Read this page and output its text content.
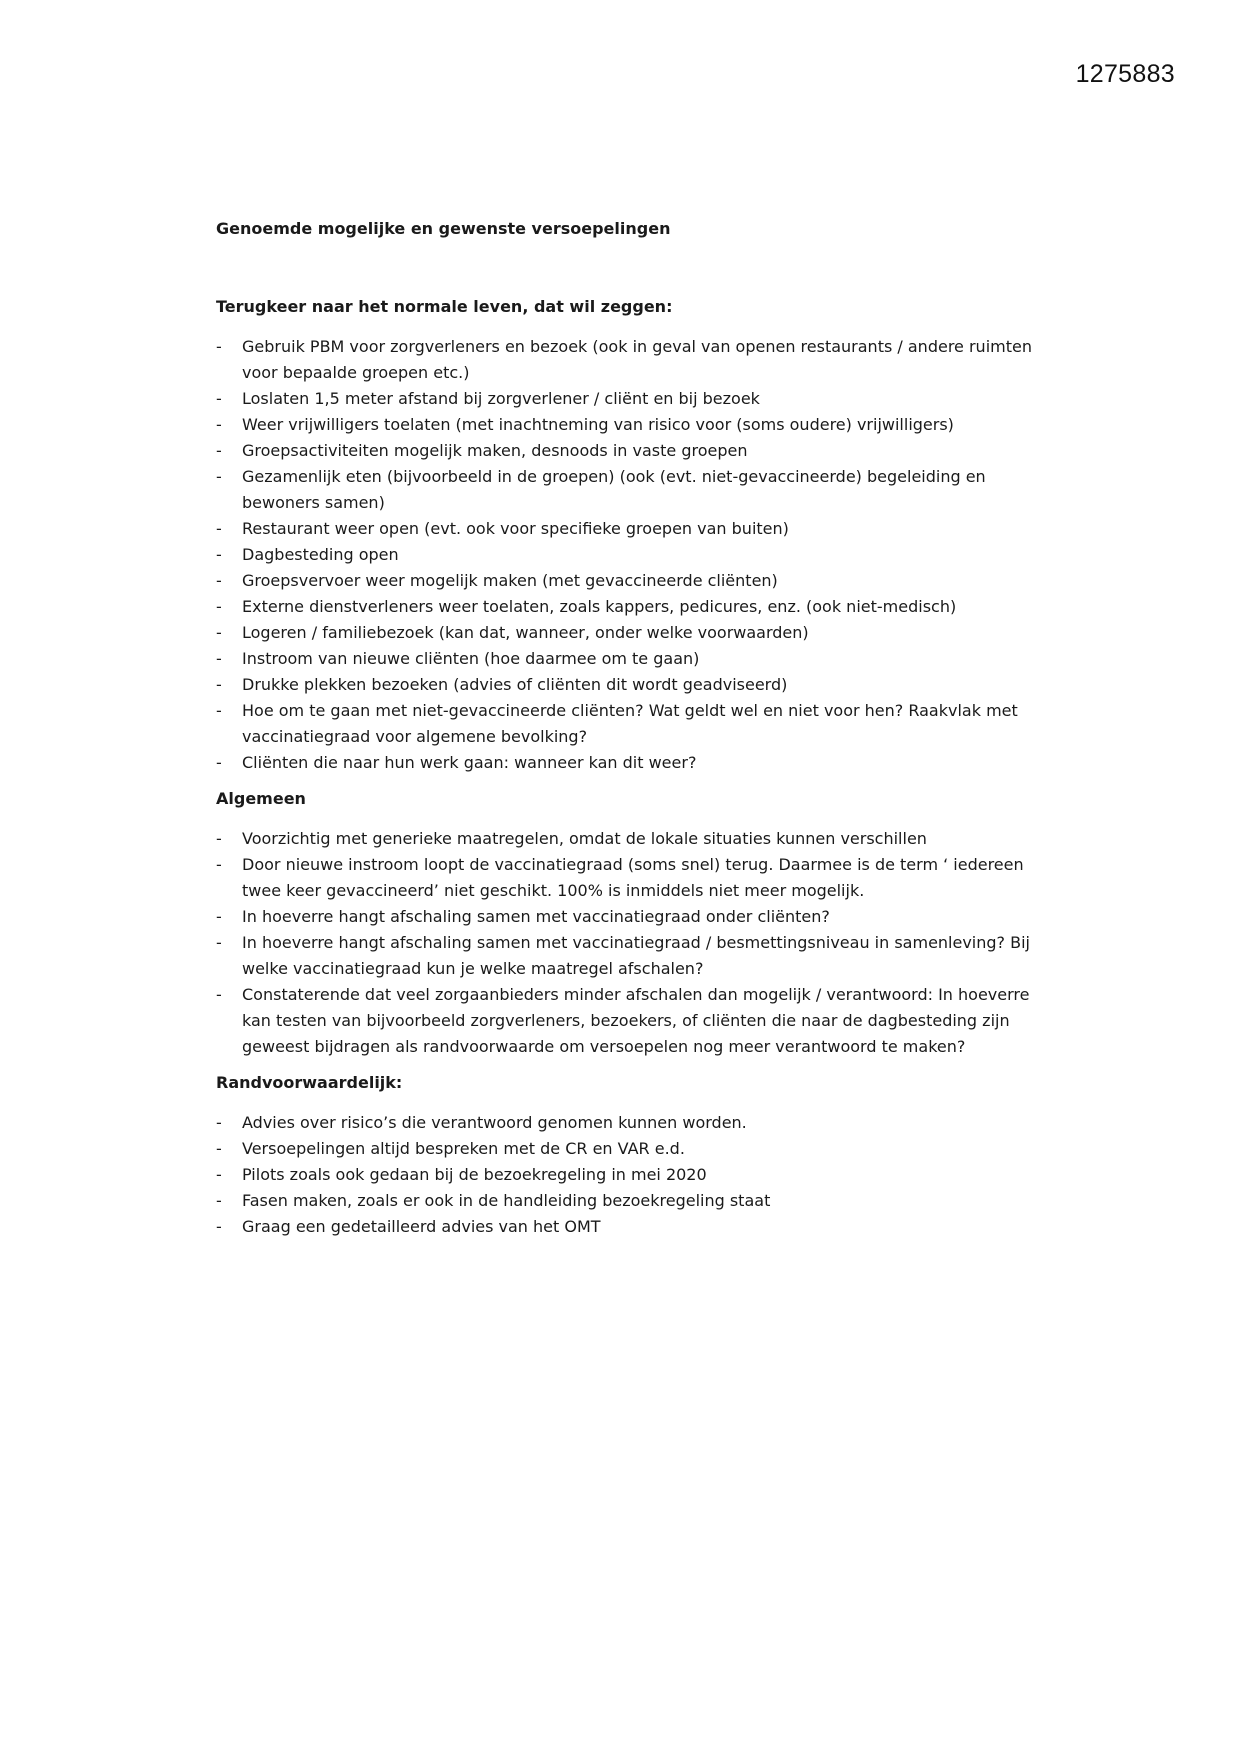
1275883
Genoemde mogelijke en gewenste versoepelingen
Terugkeer naar het normale leven, dat wil zeggen:
- Gebruik PBM voor zorgverleners en bezoek (ook in geval van openen restaurants / andere ruimten voor bepaalde groepen etc.)
- Loslaten 1,5 meter afstand bij zorgverlener / cliënt en bij bezoek
- Weer vrijwilligers toelaten (met inachtneming van risico voor (soms oudere) vrijwilligers)
- Groepsactiviteiten mogelijk maken, desnoods in vaste groepen
- Gezamenlijk eten (bijvoorbeeld in de groepen) (ook (evt. niet-gevaccineerde) begeleiding en bewoners samen)
- Restaurant weer open (evt. ook voor specifieke groepen van buiten)
- Dagbesteding open
- Groepsvervoer weer mogelijk maken (met gevaccineerde cliënten)
- Externe dienstverleners weer toelaten, zoals kappers, pedicures, enz. (ook niet-medisch)
- Logeren / familiebezoek (kan dat, wanneer, onder welke voorwaarden)
- Instroom van nieuwe cliënten (hoe daarmee om te gaan)
- Drukke plekken bezoeken (advies of cliënten dit wordt geadviseerd)
- Hoe om te gaan met niet-gevaccineerde cliënten? Wat geldt wel en niet voor hen? Raakvlak met vaccinatiegraad voor algemene bevolking?
- Cliënten die naar hun werk gaan: wanneer kan dit weer?
Algemeen
- Voorzichtig met generieke maatregelen, omdat de lokale situaties kunnen verschillen
- Door nieuwe instroom loopt de vaccinatiegraad (soms snel) terug. Daarmee is de term ‘ iedereen twee keer gevaccineerd’ niet geschikt. 100% is inmiddels niet meer mogelijk.
- In hoeverre hangt afschaling samen met vaccinatiegraad onder cliënten?
- In hoeverre hangt afschaling samen met vaccinatiegraad / besmettingsniveau in samenleving? Bij welke vaccinatiegraad kun je welke maatregel afschalen?
- Constaterende dat veel zorgaanbieders minder afschalen dan mogelijk / verantwoord: In hoeverre kan testen van bijvoorbeeld zorgverleners, bezoekers, of cliënten die naar de dagbesteding zijn geweest bijdragen als randvoorwaarde om versoepelen nog meer verantwoord te maken?
Randvoorwaardelijk:
- Advies over risico’s die verantwoord genomen kunnen worden.
- Versoepelingen altijd bespreken met de CR en VAR e.d.
- Pilots zoals ook gedaan bij de bezoekregeling in mei 2020
- Fasen maken, zoals er ook in de handleiding bezoekregeling staat
- Graag een gedetailleerd advies van het OMT
